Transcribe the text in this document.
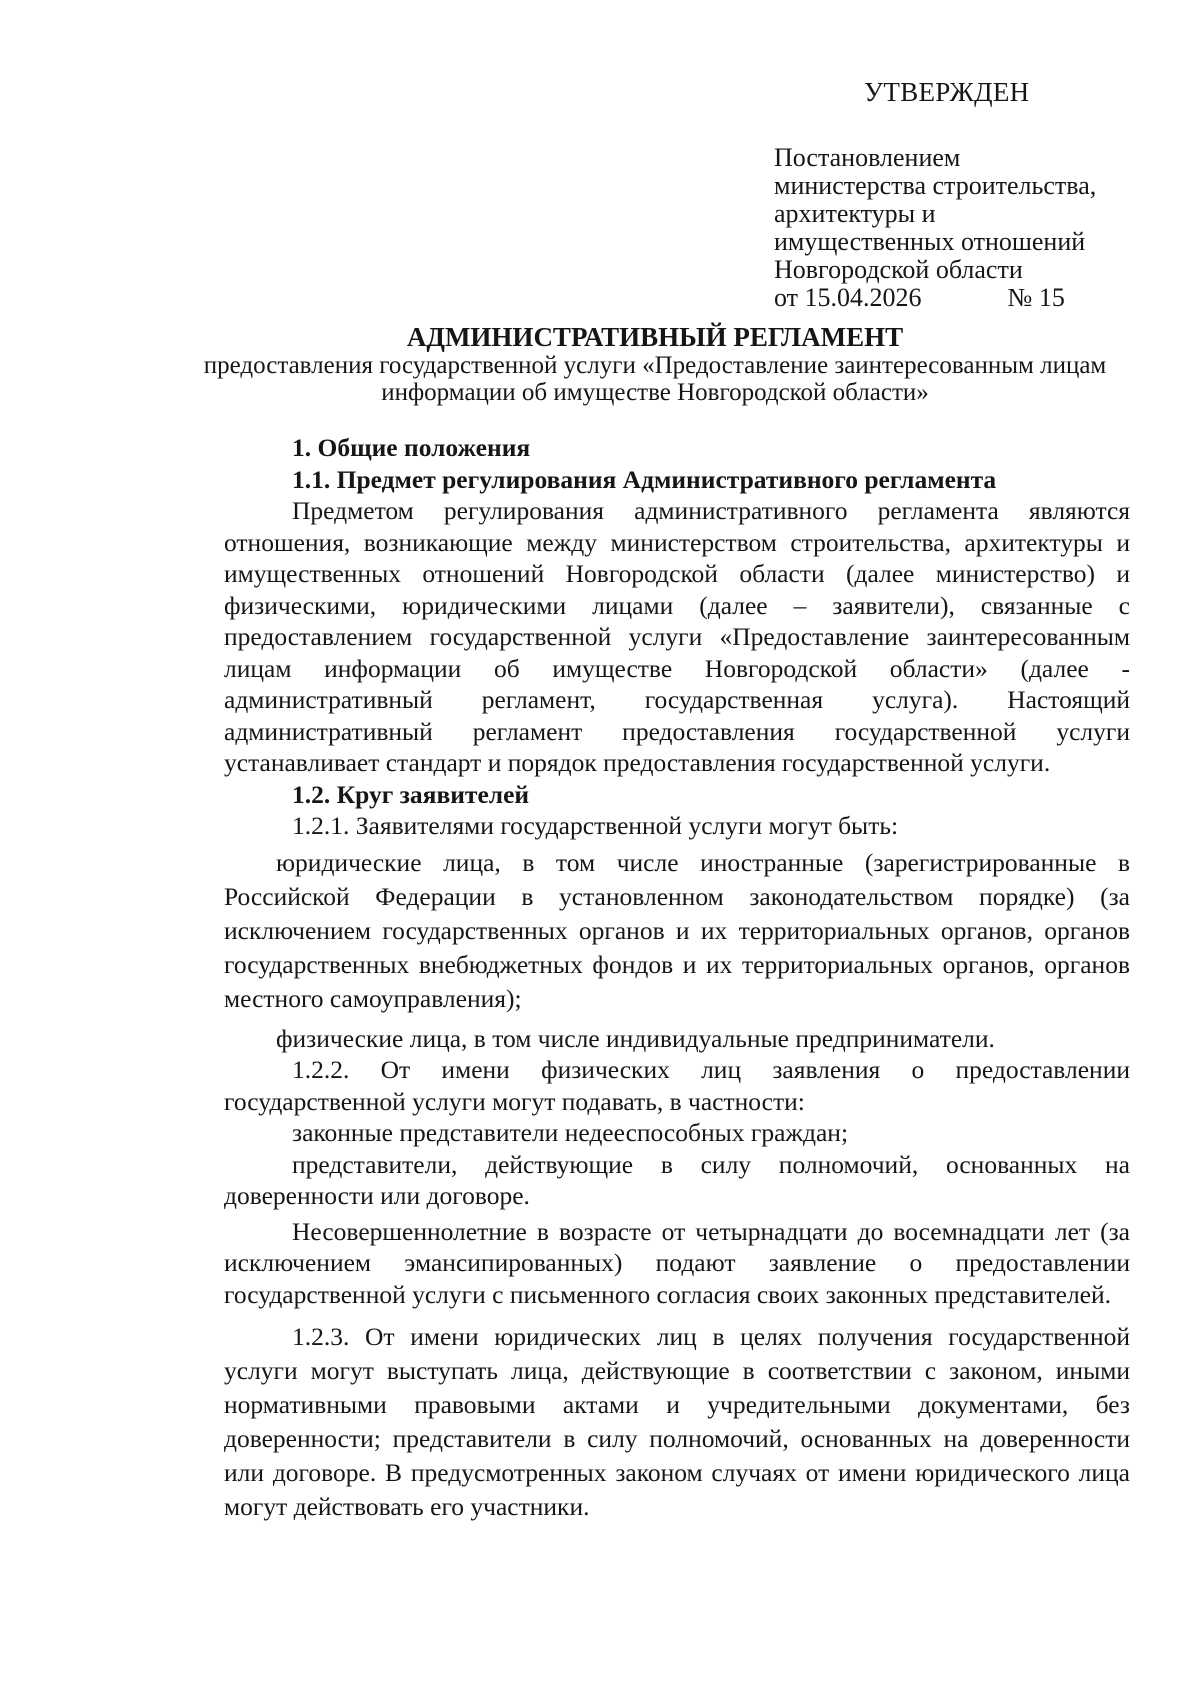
УТВЕРЖДЕН
Постановлением
министерства строительства,
архитектуры и
имущественных отношений
Новгородской области
от 15.04.2026	№ 15
АДМИНИСТРАТИВНЫЙ РЕГЛАМЕНТ
предоставления государственной услуги «Предоставление заинтересованным лицам информации об имуществе Новгородской области»
1. Общие положения
1.1. Предмет регулирования Административного регламента

Предметом регулирования административного регламента являются отношения, возникающие между министерством строительства, архитектуры и имущественных отношений Новгородской области (далее министерство) и физическими, юридическими лицами (далее – заявители), связанные с предоставлением государственной услуги «Предоставление заинтересованным лицам информации об имуществе Новгородской области» (далее - административный регламент, государственная услуга). Настоящий административный регламент предоставления государственной услуги устанавливает стандарт и порядок предоставления государственной услуги.

1.2. Круг заявителей

1.2.1. Заявителями государственной услуги могут быть:

юридические лица, в том числе иностранные (зарегистрированные в Российской Федерации в установленном законодательством порядке) (за исключением государственных органов и их территориальных органов, органов государственных внебюджетных фондов и их территориальных органов, органов местного самоуправления);

физические лица, в том числе индивидуальные предприниматели.

1.2.2. От имени физических лиц заявления о предоставлении государственной услуги могут подавать, в частности:

законные представители недееспособных граждан;

представители, действующие в силу полномочий, основанных на доверенности или договоре.

Несовершеннолетние в возрасте от четырнадцати до восемнадцати лет (за исключением эмансипированных) подают заявление о предоставлении государственной услуги с письменного согласия своих законных представителей.

1.2.3. От имени юридических лиц в целях получения государственной услуги могут выступать лица, действующие в соответствии с законом, иными нормативными правовыми актами и учредительными документами, без доверенности; представители в силу полномочий, основанных на доверенности или договоре. В предусмотренных законом случаях от имени юридического лица могут действовать его участники.
